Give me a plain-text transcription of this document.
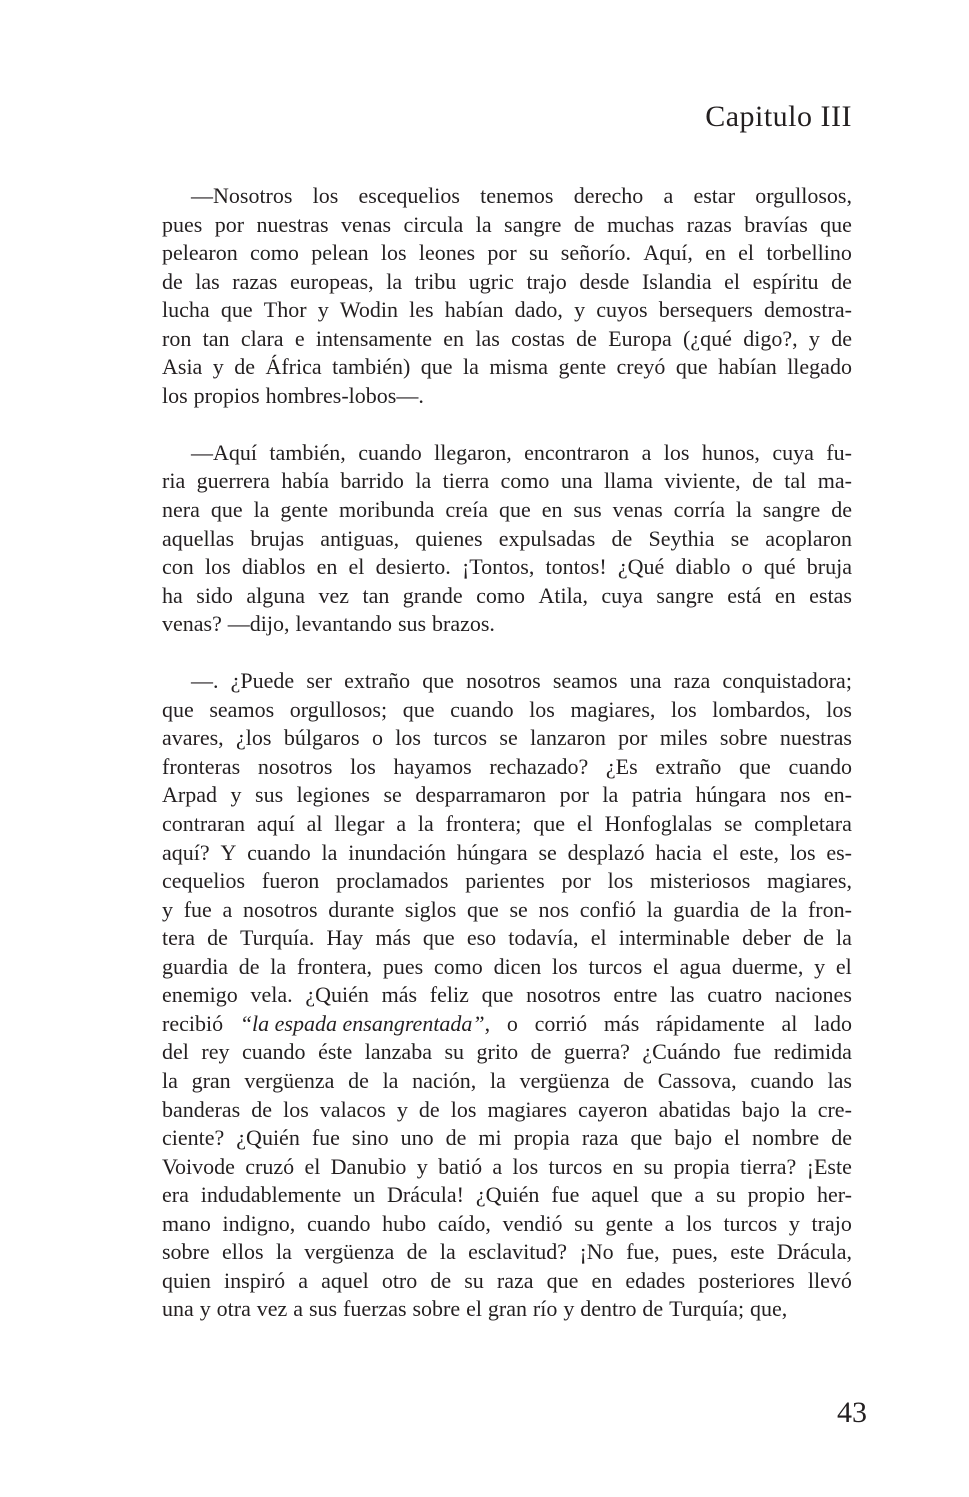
Capitulo III
—Nosotros los escequelios tenemos derecho a estar orgullosos,
pues por nuestras venas circula la sangre de muchas razas bravías que
pelearon como pelean los leones por su señorío. Aquí, en el torbellino
de las razas europeas, la tribu ugric trajo desde Islandia el espíritu de
lucha que Thor y Wodin les habían dado, y cuyos bersequers demostra-
ron tan clara e intensamente en las costas de Europa (¿qué digo?, y de
Asia y de África también) que la misma gente creyó que habían llegado
los propios hombres-lobos—.
—Aquí también, cuando llegaron, encontraron a los hunos, cuya fu-
ria guerrera había barrido la tierra como una llama viviente, de tal ma-
nera que la gente moribunda creía que en sus venas corría la sangre de
aquellas brujas antiguas, quienes expulsadas de Seythia se acoplaron
con los diablos en el desierto. ¡Tontos, tontos! ¿Qué diablo o qué bruja
ha sido alguna vez tan grande como Atila, cuya sangre está en estas
venas? —dijo, levantando sus brazos.
—. ¿Puede ser extraño que nosotros seamos una raza conquistadora;
que seamos orgullosos; que cuando los magiares, los lombardos, los
avares, ¿los búlgaros o los turcos se lanzaron por miles sobre nuestras
fronteras nosotros los hayamos rechazado? ¿Es extraño que cuando
Arpad y sus legiones se desparramaron por la patria húngara nos en-
contraran aquí al llegar a la frontera; que el Honfoglalas se completara
aquí? Y cuando la inundación húngara se desplazó hacia el este, los es-
cequelios fueron proclamados parientes por los misteriosos magiares,
y fue a nosotros durante siglos que se nos confió la guardia de la fron-
tera de Turquía. Hay más que eso todavía, el interminable deber de la
guardia de la frontera, pues como dicen los turcos el agua duerme, y el
enemigo vela. ¿Quién más feliz que nosotros entre las cuatro naciones
recibió “la espada ensangrentada”, o corrió más rápidamente al lado
del rey cuando éste lanzaba su grito de guerra? ¿Cuándo fue redimida
la gran vergüenza de la nación, la vergüenza de Cassova, cuando las
banderas de los valacos y de los magiares cayeron abatidas bajo la cre-
ciente? ¿Quién fue sino uno de mi propia raza que bajo el nombre de
Voivode cruzó el Danubio y batió a los turcos en su propia tierra? ¡Este
era indudablemente un Drácula! ¿Quién fue aquel que a su propio her-
mano indigno, cuando hubo caído, vendió su gente a los turcos y trajo
sobre ellos la vergüenza de la esclavitud? ¡No fue, pues, este Drácula,
quien inspiró a aquel otro de su raza que en edades posteriores llevó
una y otra vez a sus fuerzas sobre el gran río y dentro de Turquía; que,
43
